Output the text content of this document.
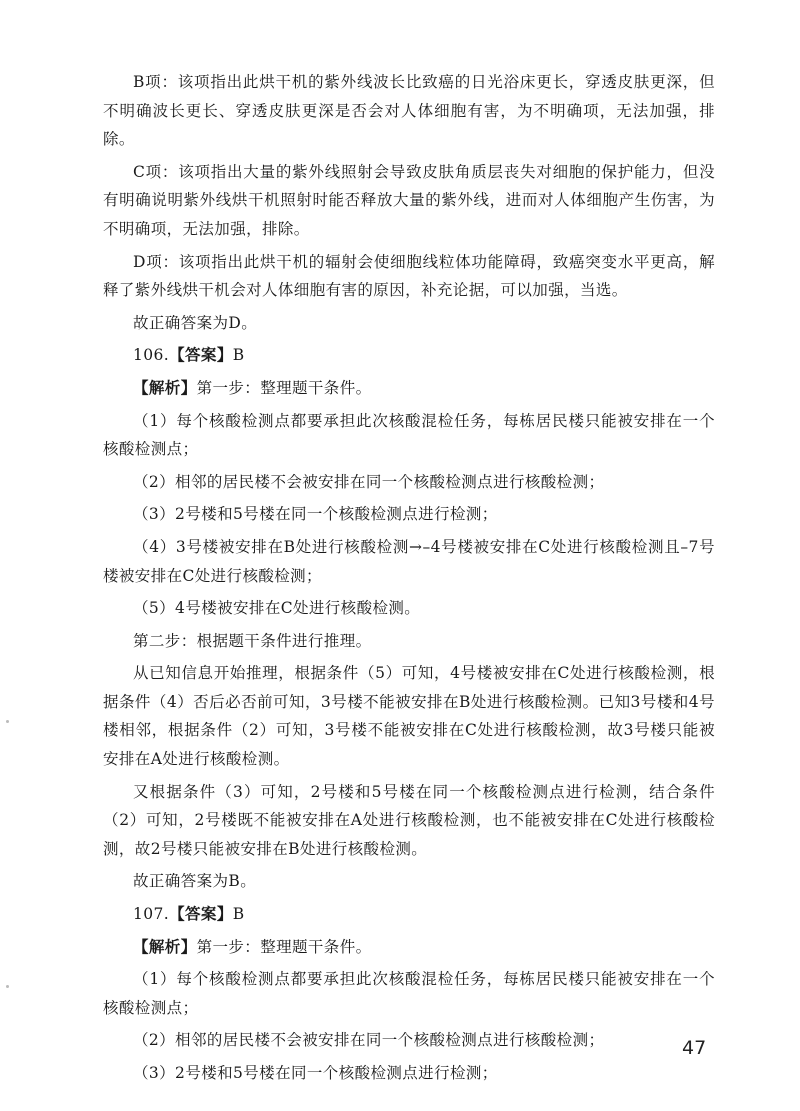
B项：该项指出此烘干机的紫外线波长比致癌的日光浴床更长，穿透皮肤更深，但不明确波长更长、穿透皮肤更深是否会对人体细胞有害，为不明确项，无法加强，排除。

C项：该项指出大量的紫外线照射会导致皮肤角质层丧失对细胞的保护能力，但没有明确说明紫外线烘干机照射时能否释放大量的紫外线，进而对人体细胞产生伤害，为不明确项，无法加强，排除。

D项：该项指出此烘干机的辐射会使细胞线粒体功能障碍，致癌突变水平更高，解释了紫外线烘干机会对人体细胞有害的原因，补充论据，可以加强，当选。

故正确答案为D。

106.【答案】B

【解析】第一步：整理题干条件。

（1）每个核酸检测点都要承担此次核酸混检任务，每栋居民楼只能被安排在一个核酸检测点；

（2）相邻的居民楼不会被安排在同一个核酸检测点进行核酸检测；

（3）2号楼和5号楼在同一个核酸检测点进行检测；

（4）3号楼被安排在B处进行核酸检测→–4号楼被安排在C处进行核酸检测且–7号楼被安排在C处进行核酸检测；

（5）4号楼被安排在C处进行核酸检测。

第二步：根据题干条件进行推理。

从已知信息开始推理，根据条件（5）可知，4号楼被安排在C处进行核酸检测，根据条件（4）否后必否前可知，3号楼不能被安排在B处进行核酸检测。已知3号楼和4号楼相邻，根据条件（2）可知，3号楼不能被安排在C处进行核酸检测，故3号楼只能被安排在A处进行核酸检测。

又根据条件（3）可知，2号楼和5号楼在同一个核酸检测点进行检测，结合条件（2）可知，2号楼既不能被安排在A处进行核酸检测，也不能被安排在C处进行核酸检测，故2号楼只能被安排在B处进行核酸检测。

故正确答案为B。

107.【答案】B

【解析】第一步：整理题干条件。

（1）每个核酸检测点都要承担此次核酸混检任务，每栋居民楼只能被安排在一个核酸检测点；

（2）相邻的居民楼不会被安排在同一个核酸检测点进行核酸检测；

（3）2号楼和5号楼在同一个核酸检测点进行检测；

47
